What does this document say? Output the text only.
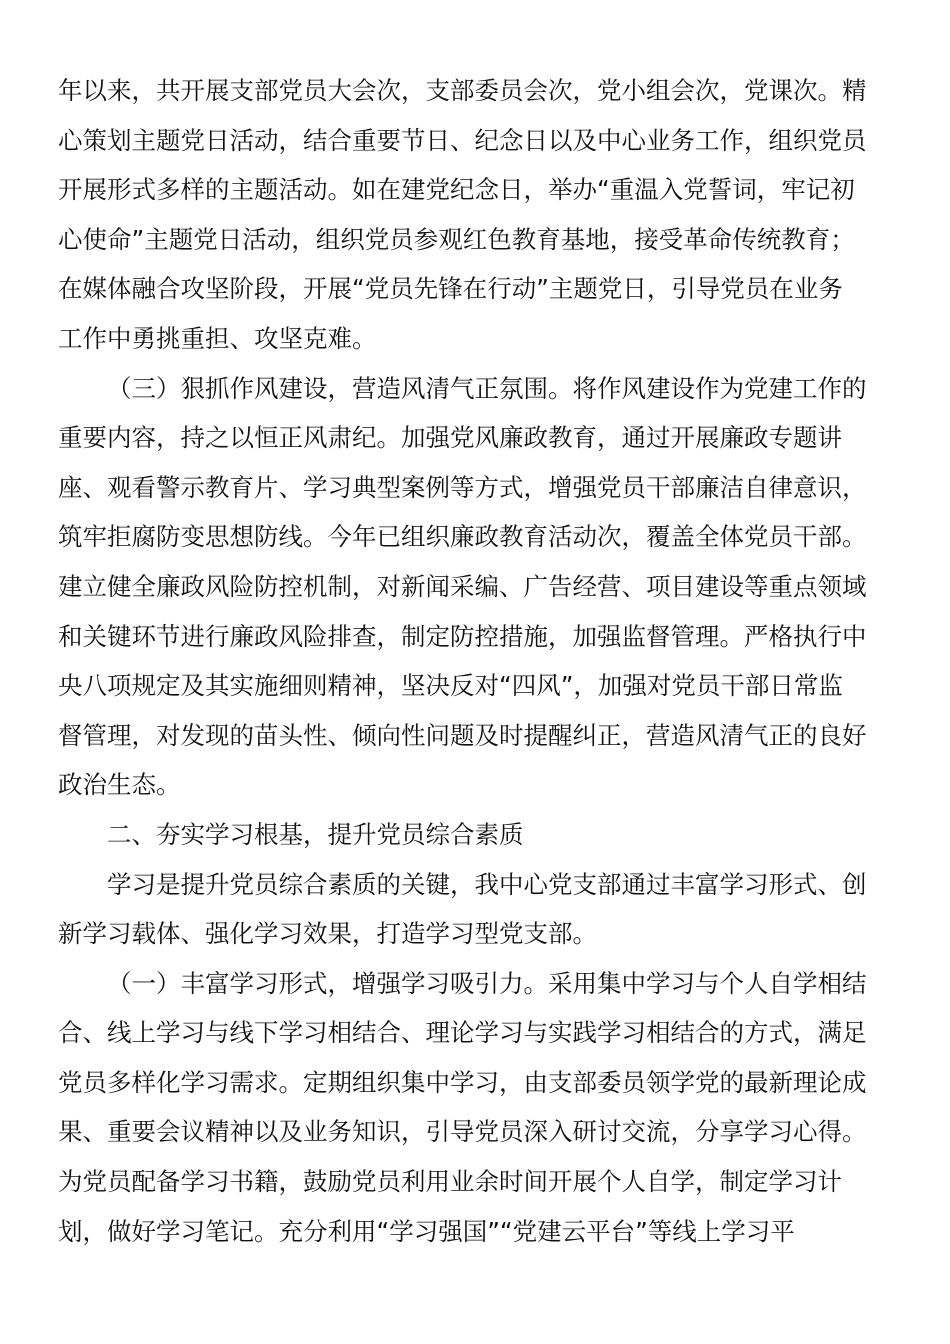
年以来，共开展支部党员大会次，支部委员会次，党小组会次，党课次。精
心策划主题党日活动，结合重要节日、纪念日以及中心业务工作，组织党员
开展形式多样的主题活动。如在建党纪念日，举办“重温入党誓词，牢记初
心使命”主题党日活动，组织党员参观红色教育基地，接受革命传统教育；
在媒体融合攻坚阶段，开展“党员先锋在行动”主题党日，引导党员在业务
工作中勇挑重担、攻坚克难。
（三）狠抓作风建设，营造风清气正氛围。将作风建设作为党建工作的
重要内容，持之以恒正风肃纪。加强党风廉政教育，通过开展廉政专题讲
座、观看警示教育片、学习典型案例等方式，增强党员干部廉洁自律意识，
筑牢拒腐防变思想防线。今年已组织廉政教育活动次，覆盖全体党员干部。
建立健全廉政风险防控机制，对新闻采编、广告经营、项目建设等重点领域
和关键环节进行廉政风险排查，制定防控措施，加强监督管理。严格执行中
央八项规定及其实施细则精神，坚决反对“四风”，加强对党员干部日常监
督管理，对发现的苗头性、倾向性问题及时提醒纠正，营造风清气正的良好
政治生态。
二、夯实学习根基，提升党员综合素质
学习是提升党员综合素质的关键，我中心党支部通过丰富学习形式、创
新学习载体、强化学习效果，打造学习型党支部。
（一）丰富学习形式，增强学习吸引力。采用集中学习与个人自学相结
合、线上学习与线下学习相结合、理论学习与实践学习相结合的方式，满足
党员多样化学习需求。定期组织集中学习，由支部委员领学党的最新理论成
果、重要会议精神以及业务知识，引导党员深入研讨交流，分享学习心得。
为党员配备学习书籍，鼓励党员利用业余时间开展个人自学，制定学习计
划，做好学习笔记。充分利用“学习强国”“党建云平台”等线上学习平
